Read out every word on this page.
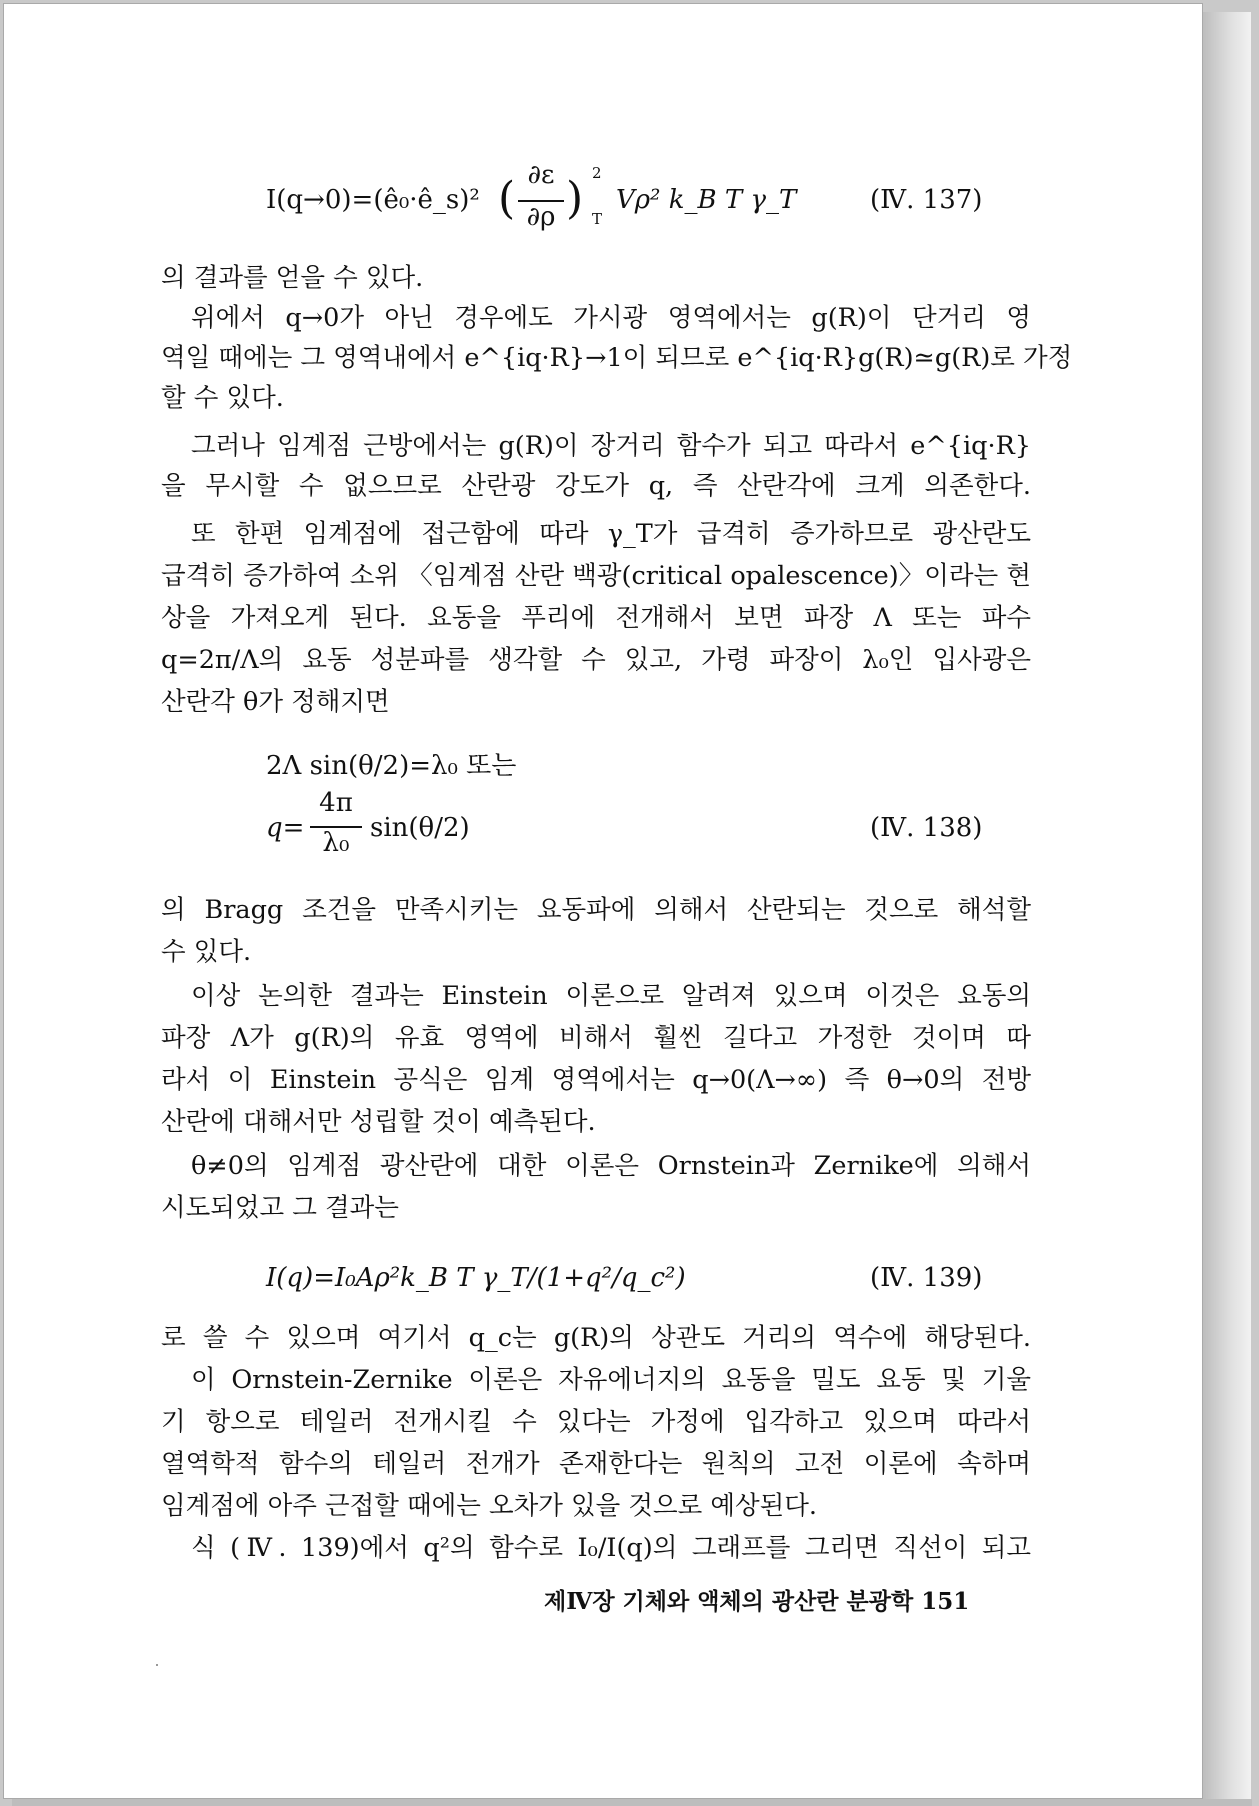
I(q→0)=(ê₀·ê_s)²
∂ε
∂ρ
( ) 2
T
Vρ² k_B T γ_T	(Ⅳ. 137)
의 결과를 얻을 수 있다.
위에서 q→0가 아닌 경우에도 가시광 영역에서는 g(R)이 단거리 영
역일 때에는 그 영역내에서 e^{iq·R}→1이 되므로 e^{iq·R}g(R)≃g(R)로 가정
할 수 있다.
그러나 임계점 근방에서는 g(R)이 장거리 함수가 되고 따라서 e^{iq·R}
을 무시할 수 없으므로 산란광 강도가 q, 즉 산란각에 크게 의존한다.
또 한편 임계점에 접근함에 따라 γ_T가 급격히 증가하므로 광산란도
급격히 증가하여 소위 〈임계점 산란 백광(critical opalescence)〉이라는 현
상을 가져오게 된다. 요동을 푸리에 전개해서 보면 파장 Λ 또는 파수
q=2π/Λ의 요동 성분파를 생각할 수 있고, 가령 파장이 λ₀인 입사광은
산란각 θ가 정해지면
2Λ sin(θ/2)=λ₀ 또는
q=
4π
λ₀ sin(θ/2)	(Ⅳ. 138)
의 Bragg 조건을 만족시키는 요동파에 의해서 산란되는 것으로 해석할
수 있다.
이상 논의한 결과는 Einstein 이론으로 알려져 있으며 이것은 요동의
파장 Λ가 g(R)의 유효 영역에 비해서 훨씬 길다고 가정한 것이며 따
라서 이 Einstein 공식은 임계 영역에서는 q→0(Λ→∞) 즉 θ→0의 전방
산란에 대해서만 성립할 것이 예측된다.
θ≠0의 임계점 광산란에 대한 이론은 Ornstein과 Zernike에 의해서
시도되었고 그 결과는
I(q)=I₀Aρ²k_B T γ_T/(1+q²/q_c²)	(Ⅳ. 139)
로 쓸 수 있으며 여기서 q_c는 g(R)의 상관도 거리의 역수에 해당된다.
이 Ornstein-Zernike 이론은 자유에너지의 요동을 밀도 요동 및 기울
기 항으로 테일러 전개시킬 수 있다는 가정에 입각하고 있으며 따라서
열역학적 함수의 테일러 전개가 존재한다는 원칙의 고전 이론에 속하며
임계점에 아주 근접할 때에는 오차가 있을 것으로 예상된다.
식 (Ⅳ. 139)에서 q²의 함수로 I₀/I(q)의 그래프를 그리면 직선이 되고
제Ⅳ장 기체와 액체의 광산란 분광학 151
